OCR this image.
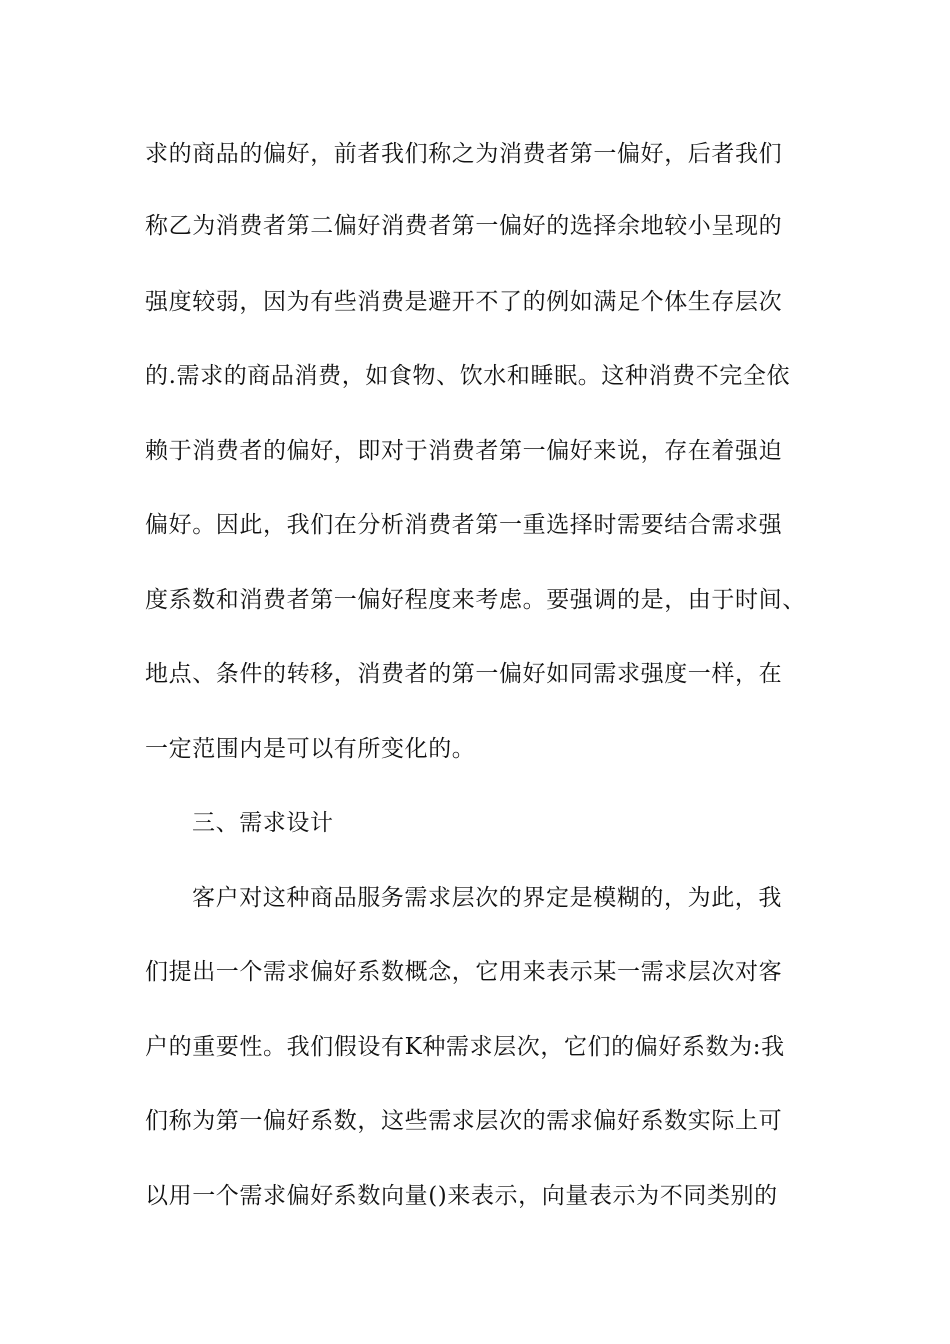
求的商品的偏好，前者我们称之为消费者第一偏好，后者我们
称乙为消费者第二偏好消费者第一偏好的选择余地较小呈现的
强度较弱，因为有些消费是避开不了的例如满足个体生存层次
的.需求的商品消费，如食物、饮水和睡眠。这种消费不完全依
赖于消费者的偏好，即对于消费者第一偏好来说，存在着强迫
偏好。因此，我们在分析消费者第一重选择时需要结合需求强
度系数和消费者第一偏好程度来考虑。要强调的是，由于时间、
地点、条件的转移，消费者的第一偏好如同需求强度一样，在
一定范围内是可以有所变化的。
三、需求设计
客户对这种商品服务需求层次的界定是模糊的，为此，我
们提出一个需求偏好系数概念，它用来表示某一需求层次对客
户的重要性。我们假设有K种需求层次，它们的偏好系数为:我
们称为第一偏好系数，这些需求层次的需求偏好系数实际上可
以用一个需求偏好系数向量()来表示，向量表示为不同类别的
